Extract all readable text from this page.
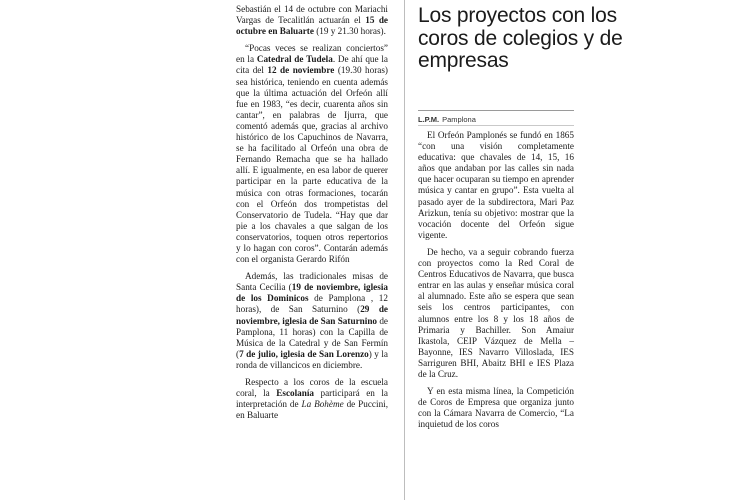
Sebastián el 14 de octubre con Mariachi Vargas de Tecalitlán actuarán el 15 de octubre en Baluarte (19 y 21.30 horas).

“Pocas veces se realizan conciertos” en la Catedral de Tudela. De ahí que la cita del 12 de noviembre (19.30 horas) sea histórica, teniendo en cuenta además que la última actuación del Orfeón allí fue en 1983, “es decir, cuarenta años sin cantar”, en palabras de Ijurra, que comentó además que, gracias al archivo histórico de los Capuchinos de Navarra, se ha facilitado al Orfeón una obra de Fernando Remacha que se ha hallado allí. E igualmente, en esa labor de querer participar en la parte educativa de la música con otras formaciones, tocarán con el Orfeón dos trompetistas del Conservatorio de Tudela. “Hay que dar pie a los chavales a que salgan de los conservatorios, toquen otros repertorios y lo hagan con coros”. Contarán además con el organista Gerardo Rifón

Además, las tradicionales misas de Santa Cecilia (19 de noviembre, iglesia de los Dominicos de Pamplona , 12 horas), de San Saturnino (29 de noviembre, iglesia de San Saturnino de Pamplona, 11 horas) con la Capilla de Música de la Catedral y de San Fermín (7 de julio, iglesia de San Lorenzo) y la ronda de villancicos en diciembre.

Respecto a los coros de la escuela coral, la Escolanía participará en la interpretación de La Bohème de Puccini, en Baluarte

Los proyectos con los coros de colegios y de empresas
L.P.M. Pamplona

El Orfeón Pamplonés se fundó en 1865 “con una visión completamente educativa: que chavales de 14, 15, 16 años que andaban por las calles sin nada que hacer ocuparan su tiempo en aprender música y cantar en grupo”. Esta vuelta al pasado ayer de la subdirectora, Mari Paz Arizkun, tenía su objetivo: mostrar que la vocación docente del Orfeón sigue vigente.

De hecho, va a seguir cobrando fuerza con proyectos como la Red Coral de Centros Educativos de Navarra, que busca entrar en las aulas y enseñar música coral al alumnado. Este año se espera que sean seis los centros participantes, con alumnos entre los 8 y los 18 años de Primaria y Bachiller. Son Amaiur Ikastola, CEIP Vázquez de Mella – Bayonne, IES Navarro Villoslada, IES Sarriguren BHI, Abaitz BHI e IES Plaza de la Cruz.

Y en esta misma línea, la Competición de Coros de Empresa que organiza junto con la Cámara Navarra de Comercio, “La inquietud de los coros
